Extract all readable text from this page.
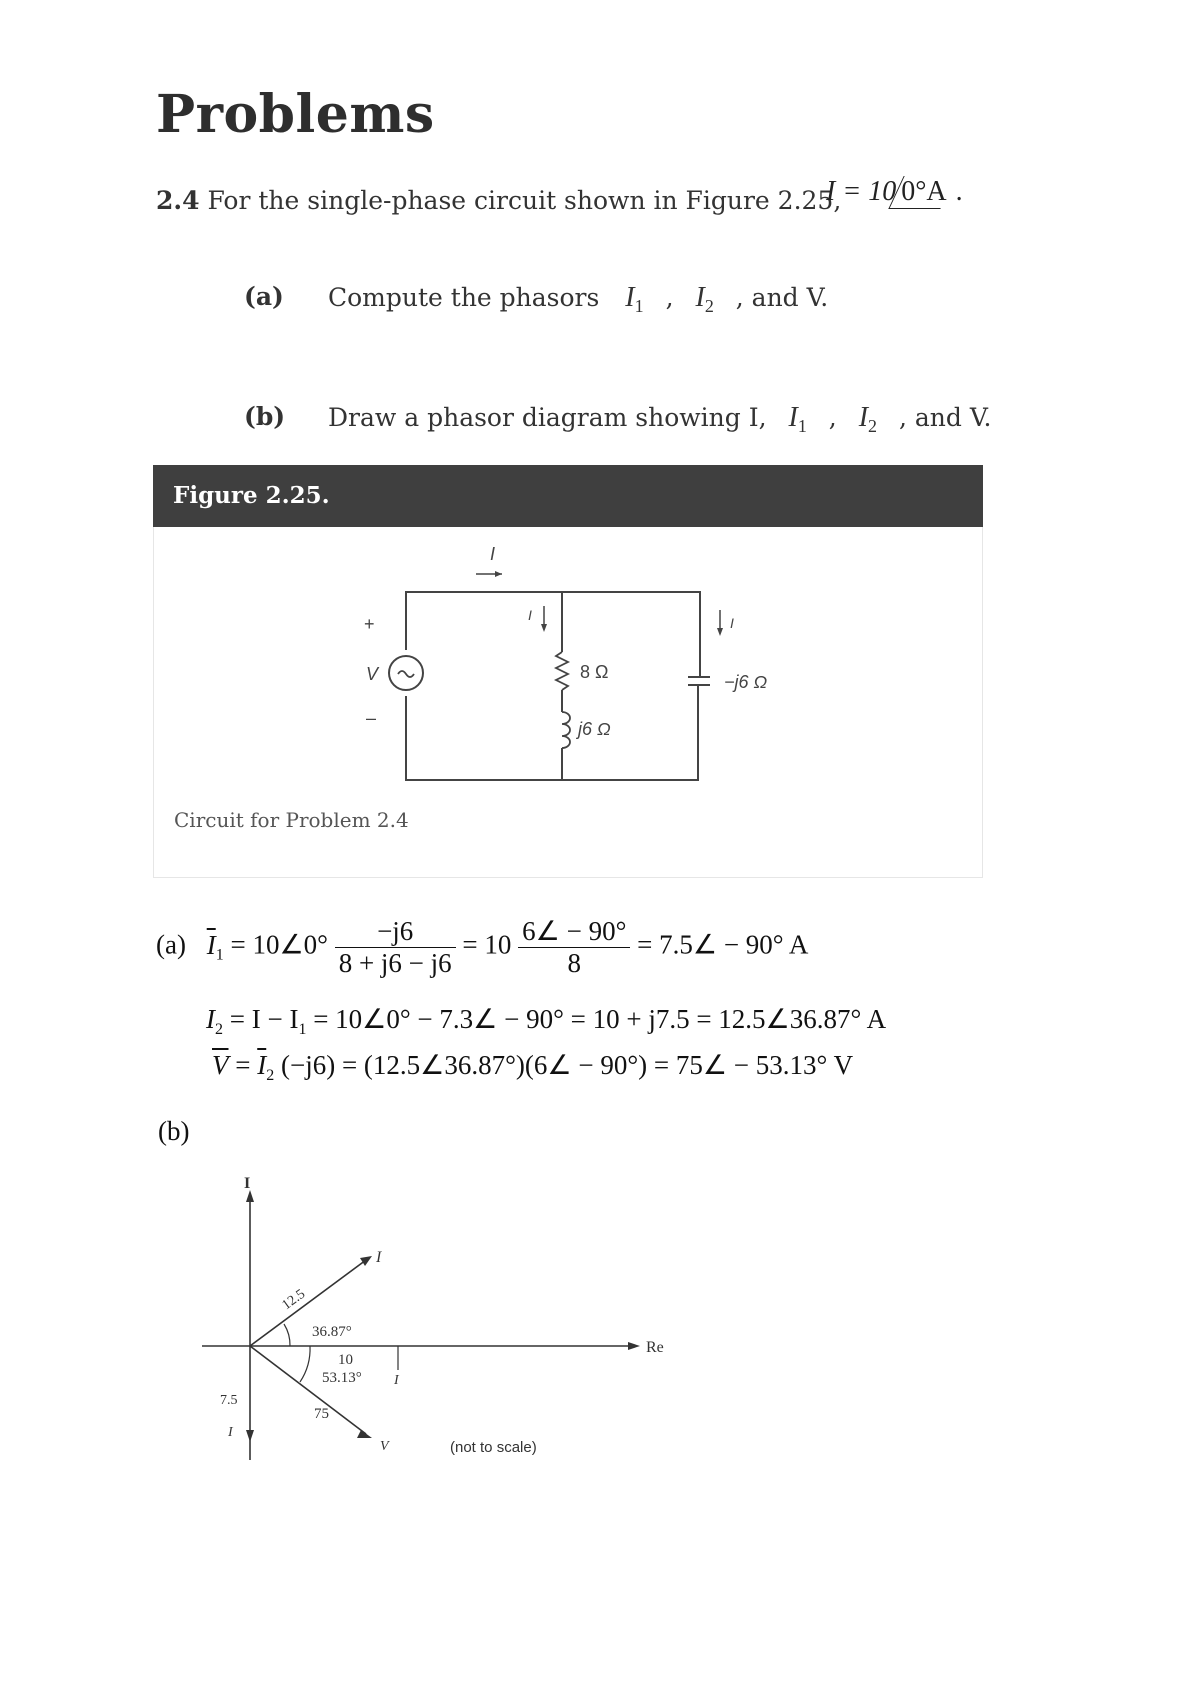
Problems
2.4 For the single-phase circuit shown in Figure 2.25,
I = 10 0°A .
(a) Compute the phasors $I_1$ , $I_2$ , and V.
(b) Draw a phasor diagram showing I, $I_1$ , $I_2$ , and V.
Figure 2.25.
I
+
V
–
I
8 Ω
j6 Ω
−j6 Ω
I
Circuit for Problem 2.4
(a) $\overline{I}_1$ = 10∠0° $\frac{-j6}{8 + j6 - j6} = 10 \frac{6\angle - 90^\circ}{8}$ = 7.5∠ − 90° A
$I_2 = I - I_1$ = 10∠0° − 7.3∠ − 90° = 10 + j7.5 = 12.5∠36.87° A
$\overline{V} = \overline{I}_2$ (−j6) = (12.5∠36.87°)(6∠ − 90°) = 75∠ − 53.13° V
(b)
I
Re
I
12.5
36.87°
I
10
V
53.13°
75
7.5
I
(not to scale)
